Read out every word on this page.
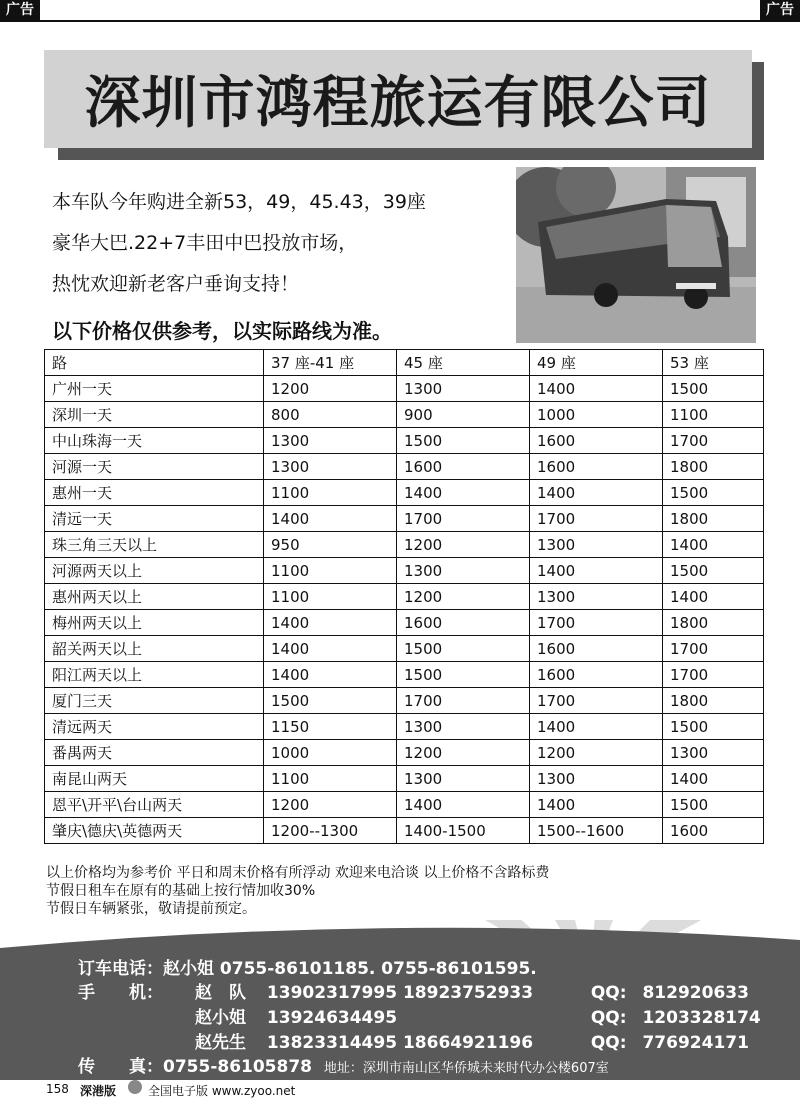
广告	广告
深圳市鸿程旅运有限公司
本车队今年购进全新53，49，45.43，39座
豪华大巴.22+7丰田中巴投放市场，
热忱欢迎新老客户垂询支持！
以下价格仅供参考，以实际路线为准。
路	37 座-41 座	45 座	49 座	53 座
广州一天	1200	1300	1400	1500
深圳一天	800	900	1000	1100
中山珠海一天	1300	1500	1600	1700
河源一天	1300	1600	1600	1800
惠州一天	1100	1400	1400	1500
清远一天	1400	1700	1700	1800
珠三角三天以上	950	1200	1300	1400
河源两天以上	1100	1300	1400	1500
惠州两天以上	1100	1200	1300	1400
梅州两天以上	1400	1600	1700	1800
韶关两天以上	1400	1500	1600	1700
阳江两天以上	1400	1500	1600	1700
厦门三天	1500	1700	1700	1800
清远两天	1150	1300	1400	1500
番禺两天	1000	1200	1200	1300
南昆山两天	1100	1300	1300	1400
恩平\开平\台山两天	1200	1400	1400	1500
肇庆\德庆\英德两天	1200--1300	1400-1500	1500--1600	1600
以上价格均为参考价 平日和周末价格有所浮动 欢迎来电洽谈 以上价格不含路标费
节假日租车在原有的基础上按行情加收30%
节假日车辆紧张，敬请提前预定。
订车电话：赵小姐 0755-86101185. 0755-86101595.
手　　机： 赵　队 13902317995 18923752933	QQ: 812920633
赵小姐 13924634495	QQ: 1203328174
赵先生 13823314495 18664921196	QQ: 776924171
传　　真：0755-86105878 地址：深圳市南山区华侨城未来时代办公楼607室
158 深港版	全国电子版 www.zyoo.net
